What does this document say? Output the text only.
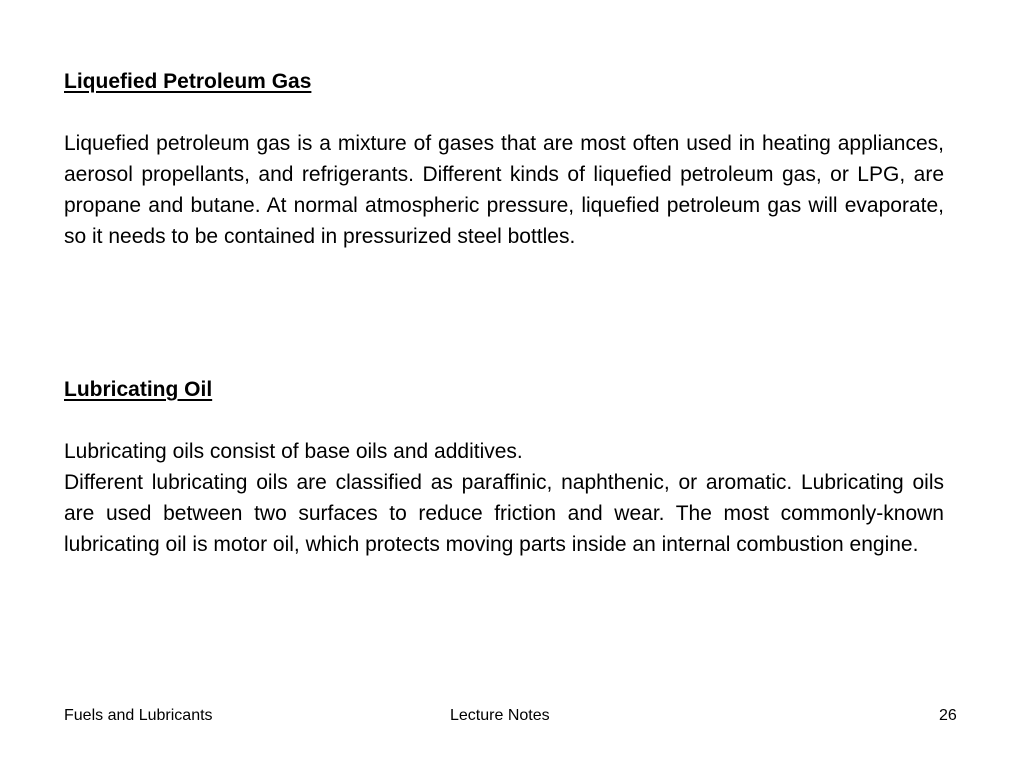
Liquefied Petroleum Gas

Liquefied petroleum gas is a mixture of gases that are most often used in heating appliances, aerosol propellants, and refrigerants. Different kinds of liquefied petroleum gas, or LPG, are propane and butane. At normal atmospheric pressure, liquefied petroleum gas will evaporate, so it needs to be contained in pressurized steel bottles.

Lubricating Oil

Lubricating oils consist of base oils and additives.

Different lubricating oils are classified as paraffinic, naphthenic, or aromatic. Lubricating oils are used between two surfaces to reduce friction and wear. The most commonly-known lubricating oil is motor oil, which protects moving parts inside an internal combustion engine.

Fuels and Lubricants	Lecture Notes	26
